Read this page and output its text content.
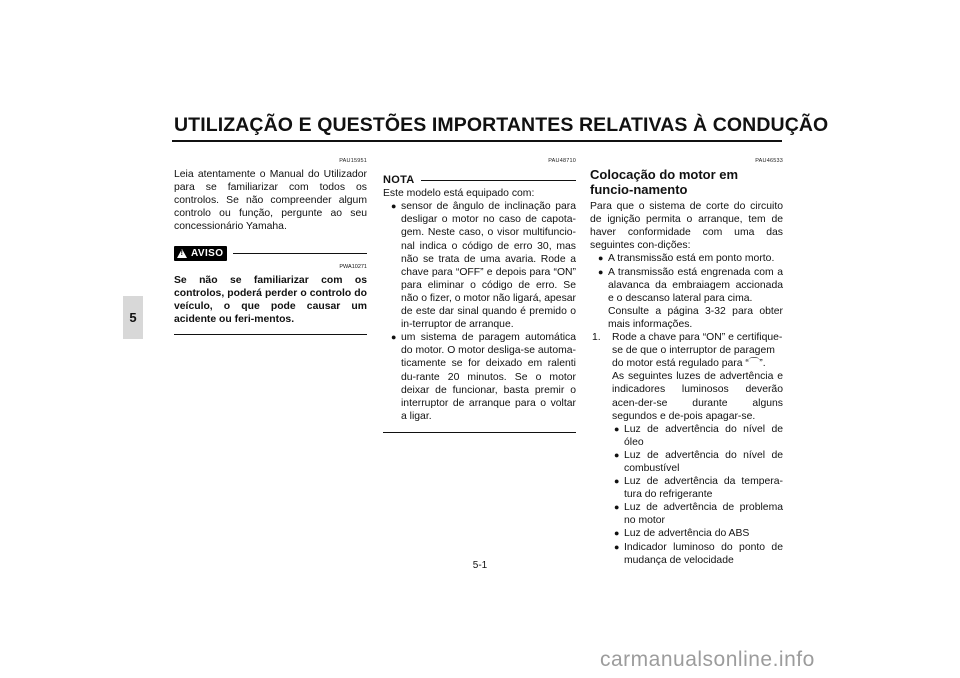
UTILIZAÇÃO E QUESTÕES IMPORTANTES RELATIVAS À CONDUÇÃO
5

PAU15951

Leia atentamente o Manual do Utilizador para se familiarizar com todos os controlos. Se não compreender algum controlo ou função, pergunte ao seu concessionário Yamaha.

! AVISO

PWA10271

Se não se familiarizar com os controlos, poderá perder o controlo do veículo, o que pode causar um acidente ou feri-mentos.

PAU48710

NOTA

Este modelo está equipado com:

● sensor de ângulo de inclinação para desligar o motor no caso de capota-gem. Neste caso, o visor multifuncio-nal indica o código de erro 30, mas não se trata de uma avaria. Rode a chave para “OFF” e depois para “ON” para eliminar o código de erro. Se não o fizer, o motor não ligará, apesar de este dar sinal quando é premido o in-terruptor de arranque.
● um sistema de paragem automática do motor. O motor desliga-se automa-ticamente se for deixado em ralenti du-rante 20 minutos. Se o motor deixar de funcionar, basta premir o interruptor de arranque para o voltar a ligar.

PAU46533

Colocação do motor em funcio-namento

Para que o sistema de corte do circuito de ignição permita o arranque, tem de haver conformidade com uma das seguintes con-dições:

● A transmissão está em ponto morto.
● A transmissão está engrenada com a alavanca da embraiagem accionada e o descanso lateral para cima.

Consulte a página 3-32 para obter mais informações.

1.	Rode a chave para “ON” e certifique-se de que o interruptor de paragem do motor está regulado para “⌒”.

As seguintes luzes de advertência e indicadores luminosos deverão acen-der-se durante alguns segundos e de-pois apagar-se.

● Luz de advertência do nível de óleo
● Luz de advertência do nível de combustível
● Luz de advertência da tempera-tura do refrigerante
● Luz de advertência de problema no motor
● Luz de advertência do ABS
● Indicador luminoso do ponto de mudança de velocidade
5-1
carmanualsonline.info
